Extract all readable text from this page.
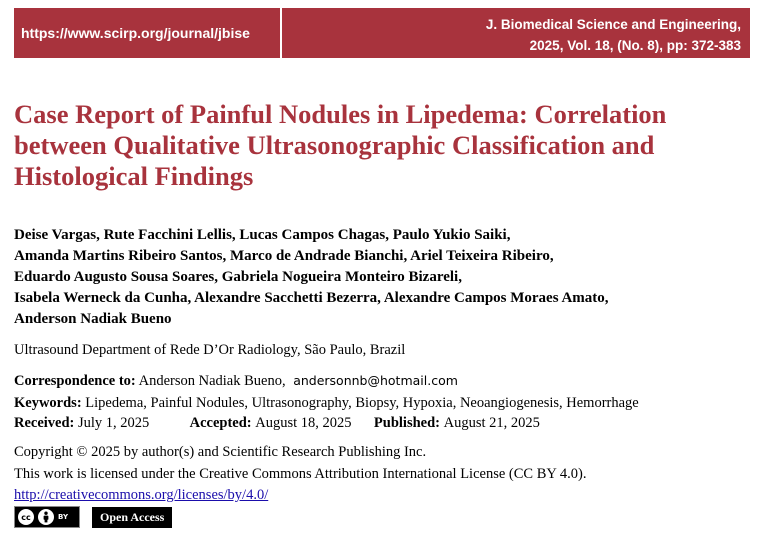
https://www.scirp.org/journal/jbise
J. Biomedical Science and Engineering,
2025, Vol. 18, (No. 8), pp: 372-383
Case Report of Painful Nodules in Lipedema: Correlation between Qualitative Ultrasonographic Classification and Histological Findings
Deise Vargas, Rute Facchini Lellis, Lucas Campos Chagas, Paulo Yukio Saiki,
Amanda Martins Ribeiro Santos, Marco de Andrade Bianchi, Ariel Teixeira Ribeiro,
Eduardo Augusto Sousa Soares, Gabriela Nogueira Monteiro Bizareli,
Isabela Werneck da Cunha, Alexandre Sacchetti Bezerra, Alexandre Campos Moraes Amato,
Anderson Nadiak Bueno
Ultrasound Department of Rede D’Or Radiology, São Paulo, Brazil
Correspondence to: Anderson Nadiak Bueno, andersonnb@hotmail.com
Keywords: Lipedema, Painful Nodules, Ultrasonography, Biopsy, Hypoxia, Neoangiogenesis, Hemorrhage
Received: July 1, 2025	Accepted: August 18, 2025 Published: August 21, 2025
Copyright © 2025 by author(s) and Scientific Research Publishing Inc.
This work is licensed under the Creative Commons Attribution International License (CC BY 4.0).
http://creativecommons.org/licenses/by/4.0/
cc	BY	Open Access
